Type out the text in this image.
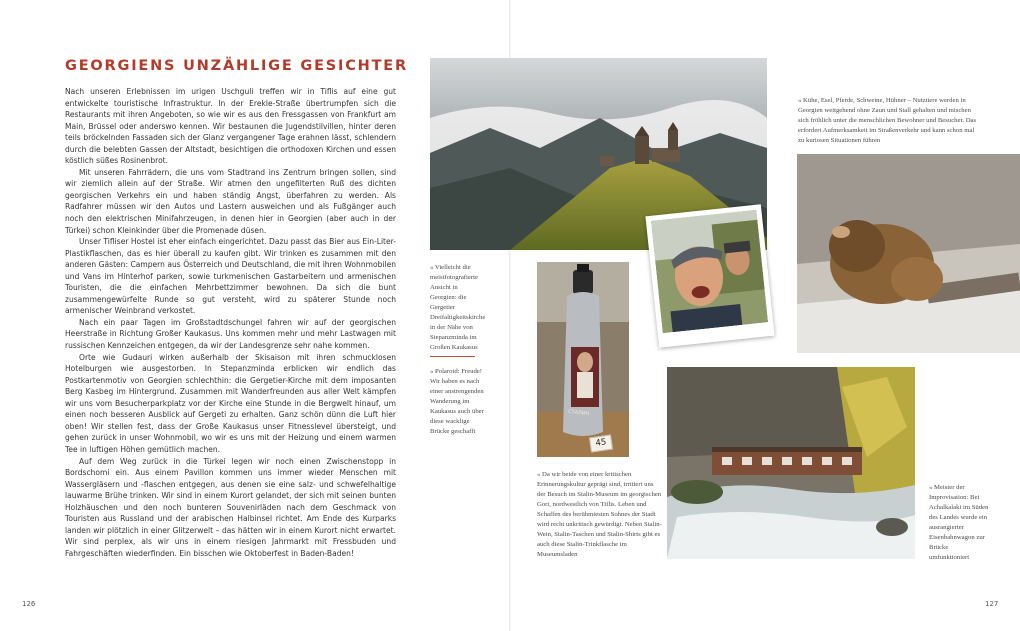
GEORGIENS UNZÄHLIGE GESICHTER

Nach unseren Erlebnissen im urigen Uschguli treffen wir in Tiflis auf eine gut entwickelte touristische Infrastruktur. In der Erekle-Straße übertrumpfen sich die Restaurants mit ihren Angeboten, so wie wir es aus den Fressgassen von Frankfurt am Main, Brüssel oder anderswo kennen. Wir bestaunen die Jugendstilvillen, hinter deren teils bröckelnden Fassaden sich der Glanz vergangener Tage erahnen lässt, schlendern durch die belebten Gassen der Altstadt, besichtigen die orthodoxen Kirchen und essen köstlich süßes Rosinenbrot.

Mit unseren Fahrrädern, die uns vom Stadtrand ins Zentrum bringen sollen, sind wir ziemlich allein auf der Straße. Wir atmen den ungefilterten Ruß des dichten georgischen Verkehrs ein und haben ständig Angst, überfahren zu werden. Als Radfahrer müssen wir den Autos und Lastern ausweichen und als Fußgänger auch noch den elektrischen Minifahrzeugen, in denen hier in Georgien (aber auch in der Türkei) schon Kleinkinder über die Promenade düsen.

Unser Tifliser Hostel ist eher einfach eingerichtet. Dazu passt das Bier aus Ein-Liter-Plastikflaschen, das es hier überall zu kaufen gibt. Wir trinken es zusammen mit den anderen Gästen: Campern aus Österreich und Deutschland, die mit ihren Wohnmobilen und Vans im Hinterhof parken, sowie turkmenischen Gastarbeitern und armenischen Touristen, die die einfachen Mehrbettzimmer bewohnen. Da sich die bunt zusammengewürfelte Runde so gut versteht, wird zu späterer Stunde noch armenischer Weinbrand verkostet.

Nach ein paar Tagen im Großstadtdschungel fahren wir auf der georgischen Heerstraße in Richtung Großer Kaukasus. Uns kommen mehr und mehr Lastwagen mit russischen Kennzeichen entgegen, da wir der Landesgrenze sehr nahe kommen.

Orte wie Gudauri wirken außerhalb der Skisaison mit ihren schmucklosen Hotelburgen wie ausgestorben. In Stepanzminda erblicken wir endlich das Postkartenmotiv von Georgien schlechthin: die Gergetier-Kirche mit dem imposanten Berg Kasbeg im Hintergrund. Zusammen mit Wanderfreunden aus aller Welt kämpfen wir uns vom Besucherparkplatz vor der Kirche eine Stunde in die Bergwelt hinauf, um einen noch besseren Ausblick auf Gergeti zu erhalten. Ganz schön dünn die Luft hier oben! Wir stellen fest, dass der Große Kaukasus unser Fitnesslevel übersteigt, und gehen zurück in unser Wohnmobil, wo wir es uns mit der Heizung und einem warmen Tee in luftigen Höhen gemütlich machen.

Auf dem Weg zurück in die Türkei legen wir noch einen Zwischenstopp in Bordschomi ein. Aus einem Pavillon kommen uns immer wieder Menschen mit Wassergläsern und -flaschen entgegen, aus denen sie eine salz- und schwefelhaltige lauwarme Brühe trinken. Wir sind in einem Kurort gelandet, der sich mit seinen bunten Holzhäuschen und den noch bunteren Souvenirläden nach dem Geschmack von Touristen aus Russland und der arabischen Halbinsel richtet. Am Ende des Kurparks landen wir plötzlich in einer Glitzerwelt – das hätten wir in einem Kurort nicht erwartet. Wir sind perplex, als wir uns in einem riesigen Jahrmarkt mit Fressbuden und Fahrgeschäften wiederfinden. Ein bisschen wie Oktoberfest in Baden-Baden!

126
СТАЛИН
45
« Vielleicht die meistfotografierte Ansicht in Georgien: die Gergetier Dreifaltigkeitskirche in der Nähe von Stepanzminda im Großen Kaukasus
« Polaroid: Freude! Wir haben es nach einer anstrengenden Wanderung im Kaukasus auch über diese wacklige Brücke geschafft
« Da wir beide von einer kritischen Erinnerungskultur geprägt sind, irritiert uns der Besuch im Stalin-Museum im georgischen Gori, nordwestlich von Tiflis. Leben und Schaffen des berühmtesten Sohnes der Stadt wird recht unkritisch gewürdigt. Neben Stalin-Wein, Stalin-Taschen und Stalin-Shirts gibt es auch diese Stalin-Trinkflasche im Museumsladen
« Kühe, Esel, Pferde, Schweine, Hühner – Nutztiere werden in Georgien weitgehend ohne Zaun und Stall gehalten und mischen sich fröhlich unter die menschlichen Bewohner und Besucher. Das erfordert Aufmerksamkeit im Straßenverkehr und kann schon mal zu kuriosen Situationen führen
« Meister der Improvisation: Bei Achalkalaki im Süden des Landes wurde ein ausrangierter Eisenbahnwagon zur Brücke umfunktioniert
127
